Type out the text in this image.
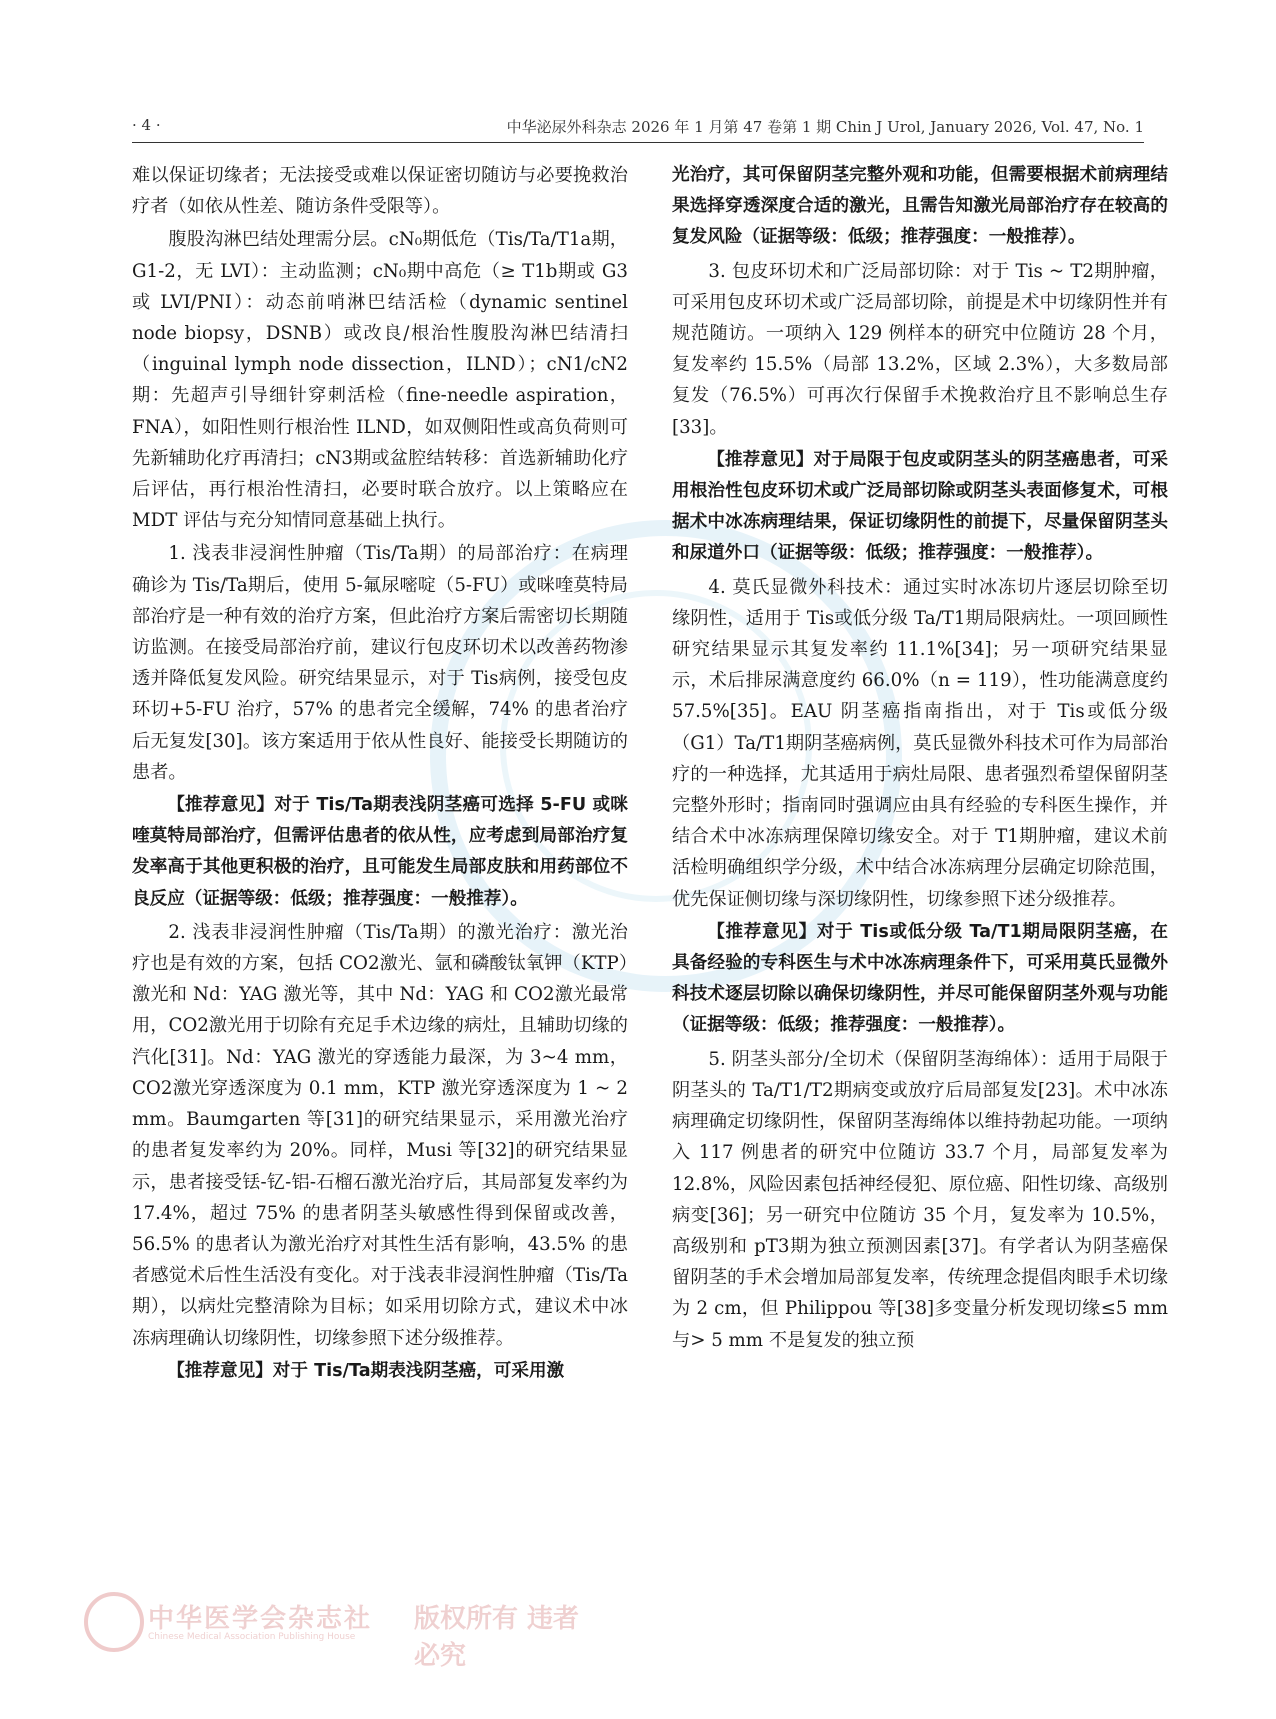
· 4 ·	中华泌尿外科杂志 2026 年 1 月第 47 卷第 1 期 Chin J Urol, January 2026, Vol. 47, No. 1

难以保证切缘者；无法接受或难以保证密切随访与必要挽救治疗者（如依从性差、随访条件受限等）。

腹股沟淋巴结处理需分层。cN₀期低危（Tis/Ta/T1a期，G1-2，无 LVI）：主动监测；cN₀期中高危（≥ T1b期或 G3或 LVI/PNI）：动态前哨淋巴结活检（dynamic sentinel node biopsy，DSNB）或改良/根治性腹股沟淋巴结清扫（inguinal lymph node dissection，ILND）；cN1/cN2期：先超声引导细针穿刺活检（fine-needle aspiration，FNA），如阳性则行根治性 ILND，如双侧阳性或高负荷则可先新辅助化疗再清扫；cN3期或盆腔结转移：首选新辅助化疗后评估，再行根治性清扫，必要时联合放疗。以上策略应在 MDT 评估与充分知情同意基础上执行。

1. 浅表非浸润性肿瘤（Tis/Ta期）的局部治疗：在病理确诊为 Tis/Ta期后，使用 5-氟尿嘧啶（5-FU）或咪喹莫特局部治疗是一种有效的治疗方案，但此治疗方案后需密切长期随访监测。在接受局部治疗前，建议行包皮环切术以改善药物渗透并降低复发风险。研究结果显示，对于 Tis病例，接受包皮环切+5-FU 治疗，57% 的患者完全缓解，74% 的患者治疗后无复发[30]。该方案适用于依从性良好、能接受长期随访的患者。

【推荐意见】对于 Tis/Ta期表浅阴茎癌可选择 5-FU 或咪喹莫特局部治疗，但需评估患者的依从性，应考虑到局部治疗复发率高于其他更积极的治疗，且可能发生局部皮肤和用药部位不良反应（证据等级：低级；推荐强度：一般推荐）。

2. 浅表非浸润性肿瘤（Tis/Ta期）的激光治疗：激光治疗也是有效的方案，包括 CO2激光、氩和磷酸钛氧钾（KTP）激光和 Nd：YAG 激光等，其中 Nd：YAG 和 CO2激光最常用，CO2激光用于切除有充足手术边缘的病灶，且辅助切缘的汽化[31]。Nd：YAG 激光的穿透能力最深，为 3~4 mm，CO2激光穿透深度为 0.1 mm，KTP 激光穿透深度为 1 ~ 2 mm。Baumgarten 等[31]的研究结果显示，采用激光治疗的患者复发率约为 20%。同样，Musi 等[32]的研究结果显示，患者接受铥-钇-铝-石榴石激光治疗后，其局部复发率约为 17.4%，超过 75% 的患者阴茎头敏感性得到保留或改善，56.5% 的患者认为激光治疗对其性生活有影响，43.5% 的患者感觉术后性生活没有变化。对于浅表非浸润性肿瘤（Tis/Ta期），以病灶完整清除为目标；如采用切除方式，建议术中冰冻病理确认切缘阴性，切缘参照下述分级推荐。

【推荐意见】对于 Tis/Ta期表浅阴茎癌，可采用激

光治疗，其可保留阴茎完整外观和功能，但需要根据术前病理结果选择穿透深度合适的激光，且需告知激光局部治疗存在较高的复发风险（证据等级：低级；推荐强度：一般推荐）。

3. 包皮环切术和广泛局部切除：对于 Tis ~ T2期肿瘤，可采用包皮环切术或广泛局部切除，前提是术中切缘阴性并有规范随访。一项纳入 129 例样本的研究中位随访 28 个月，复发率约 15.5%（局部 13.2%，区域 2.3%），大多数局部复发（76.5%）可再次行保留手术挽救治疗且不影响总生存[33]。

【推荐意见】对于局限于包皮或阴茎头的阴茎癌患者，可采用根治性包皮环切术或广泛局部切除或阴茎头表面修复术，可根据术中冰冻病理结果，保证切缘阴性的前提下，尽量保留阴茎头和尿道外口（证据等级：低级；推荐强度：一般推荐）。

4. 莫氏显微外科技术：通过实时冰冻切片逐层切除至切缘阴性，适用于 Tis或低分级 Ta/T1期局限病灶。一项回顾性研究结果显示其复发率约 11.1%[34]；另一项研究结果显示，术后排尿满意度约 66.0%（n = 119），性功能满意度约 57.5%[35]。EAU 阴茎癌指南指出，对于 Tis或低分级（G1）Ta/T1期阴茎癌病例，莫氏显微外科技术可作为局部治疗的一种选择，尤其适用于病灶局限、患者强烈希望保留阴茎完整外形时；指南同时强调应由具有经验的专科医生操作，并结合术中冰冻病理保障切缘安全。对于 T1期肿瘤，建议术前活检明确组织学分级，术中结合冰冻病理分层确定切除范围，优先保证侧切缘与深切缘阴性，切缘参照下述分级推荐。

【推荐意见】对于 Tis或低分级 Ta/T1期局限阴茎癌，在具备经验的专科医生与术中冰冻病理条件下，可采用莫氏显微外科技术逐层切除以确保切缘阴性，并尽可能保留阴茎外观与功能（证据等级：低级；推荐强度：一般推荐）。

5. 阴茎头部分/全切术（保留阴茎海绵体）：适用于局限于阴茎头的 Ta/T1/T2期病变或放疗后局部复发[23]。术中冰冻病理确定切缘阴性，保留阴茎海绵体以维持勃起功能。一项纳入 117 例患者的研究中位随访 33.7 个月，局部复发率为 12.8%，风险因素包括神经侵犯、原位癌、阳性切缘、高级别病变[36]；另一研究中位随访 35 个月，复发率为 10.5%，高级别和 pT3期为独立预测因素[37]。有学者认为阴茎癌保留阴茎的手术会增加局部复发率，传统理念提倡肉眼手术切缘为 2 cm，但 Philippou 等[38]多变量分析发现切缘≤5 mm 与> 5 mm 不是复发的独立预

中华医学会杂志社
Chinese Medical Association Publishing House
版权所有 违者必究
